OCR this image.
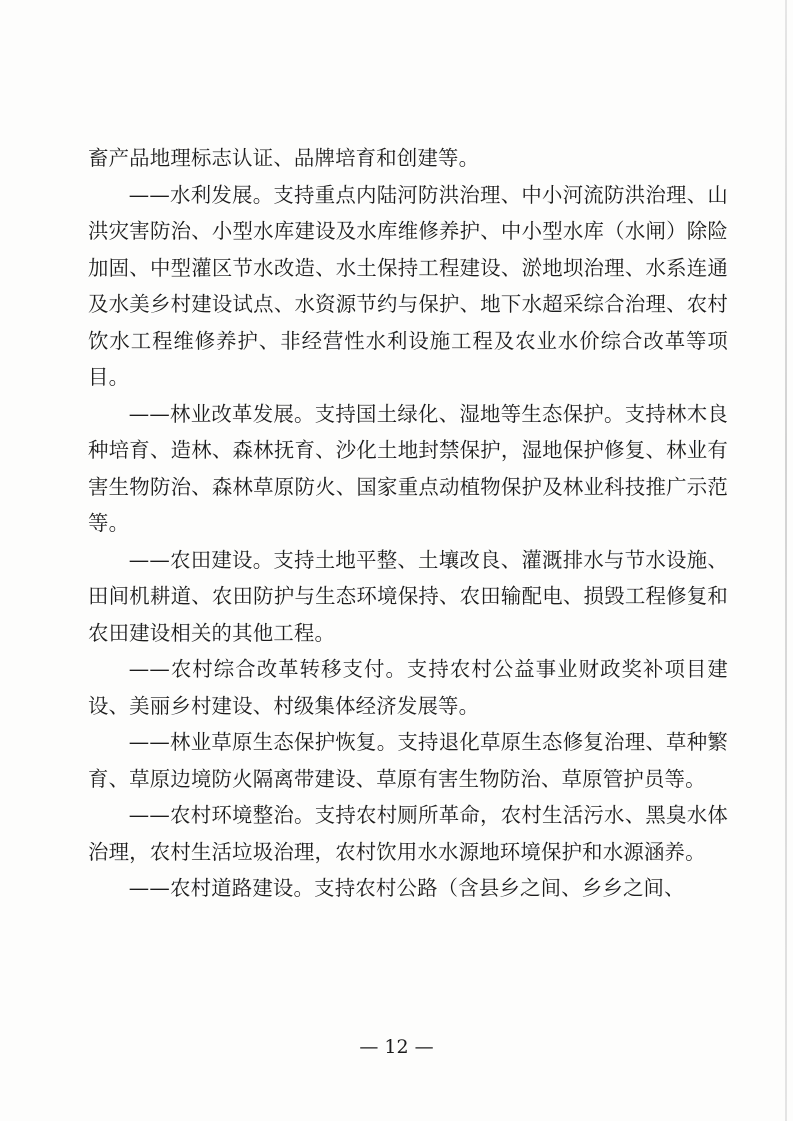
畜产品地理标志认证、品牌培育和创建等。

——水利发展。支持重点内陆河防洪治理、中小河流防洪治理、山洪灾害防治、小型水库建设及水库维修养护、中小型水库（水闸）除险加固、中型灌区节水改造、水土保持工程建设、淤地坝治理、水系连通及水美乡村建设试点、水资源节约与保护、地下水超采综合治理、农村饮水工程维修养护、非经营性水利设施工程及农业水价综合改革等项目。

——林业改革发展。支持国土绿化、湿地等生态保护。支持林木良种培育、造林、森林抚育、沙化土地封禁保护，湿地保护修复、林业有害生物防治、森林草原防火、国家重点动植物保护及林业科技推广示范等。

——农田建设。支持土地平整、土壤改良、灌溉排水与节水设施、田间机耕道、农田防护与生态环境保持、农田输配电、损毁工程修复和农田建设相关的其他工程。

——农村综合改革转移支付。支持农村公益事业财政奖补项目建设、美丽乡村建设、村级集体经济发展等。

——林业草原生态保护恢复。支持退化草原生态修复治理、草种繁育、草原边境防火隔离带建设、草原有害生物防治、草原管护员等。

——农村环境整治。支持农村厕所革命，农村生活污水、黑臭水体治理，农村生活垃圾治理，农村饮用水水源地环境保护和水源涵养。

——农村道路建设。支持农村公路（含县乡之间、乡乡之间、

— 12 —
